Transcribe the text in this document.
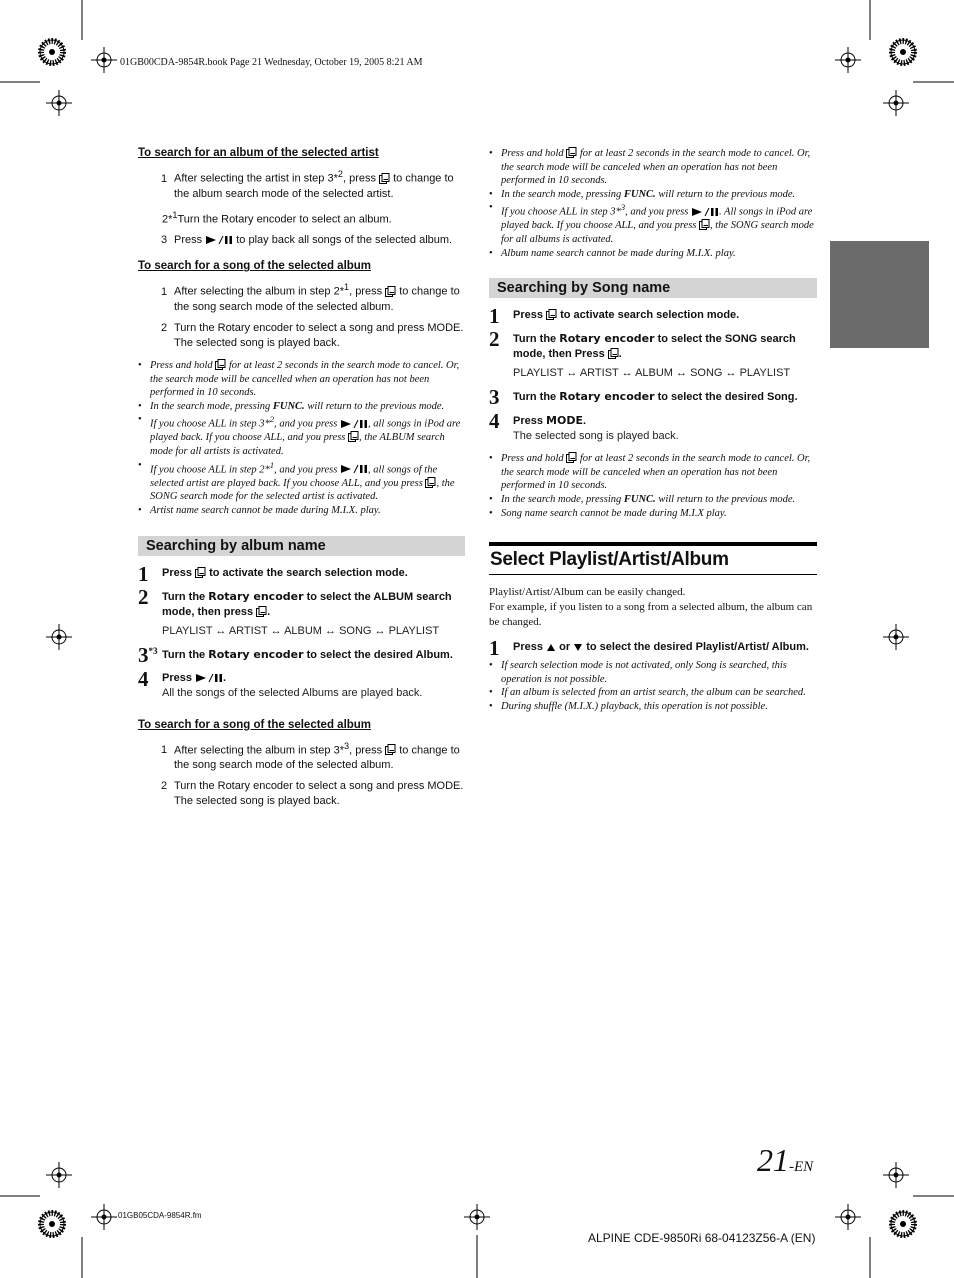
01GB00CDA-9854R.book Page 21 Wednesday, October 19, 2005 8:21 AM
To search for an album of the selected artist
1 After selecting the artist in step 3*$^2$, press to change to the album search mode of the selected artist.
2*$^1$Turn the Rotary encoder to select an album.
3 Press	to play back all songs of the selected album.
To search for a song of the selected album
1 After selecting the album in step 2*$^1$, press to change to the song search mode of the selected album.
2 Turn the Rotary encoder to select a song and press MODE.
The selected song is played back.
• Press and hold for at least 2 seconds in the search mode to cancel. Or, the search mode will be cancelled when an operation has not been performed in 10 seconds.
• In the search mode, pressing FUNC. will return to the previous mode.
• If you choose ALL in step 3*$^2$, and you press	, all songs in iPod are played back. If you choose ALL, and you press , the ALBUM search mode for all artists is activated.
• If you choose ALL in step 2*$^1$, and you press	, all songs of the selected artist are played back. If you choose ALL, and you press , the SONG search mode for the selected artist is activated.
• Artist name search cannot be made during M.I.X. play.
Searching by album name
1 Press to activate the search selection mode.
2 Turn the Rotary encoder to select the ALBUM search mode, then press .
PLAYLIST ↔ ARTIST ↔ ALBUM ↔ SONG ↔ PLAYLIST
3$^{*3}$ Turn the Rotary encoder to select the desired Album.
4 Press	.
All the songs of the selected Albums are played back.
To search for a song of the selected album
1 After selecting the album in step 3*$^3$, press to change to the song search mode of the selected album.
2 Turn the Rotary encoder to select a song and press MODE.
The selected song is played back.
• Press and hold for at least 2 seconds in the search mode to cancel. Or, the search mode will be canceled when an operation has not been performed in 10 seconds.
• In the search mode, pressing FUNC. will return to the previous mode.
• If you choose ALL in step 3*$^3$, and you press	. All songs in iPod are played back. If you choose ALL, and you press , the SONG search mode for all albums is activated.
• Album name search cannot be made during M.I.X. play.
Searching by Song name
1 Press to activate search selection mode.
2 Turn the Rotary encoder to select the SONG search mode, then Press .
PLAYLIST ↔ ARTIST ↔ ALBUM ↔ SONG ↔ PLAYLIST
3 Turn the Rotary encoder to select the desired Song.
4 Press MODE.
The selected song is played back.
• Press and hold for at least 2 seconds in the search mode to cancel. Or, the search mode will be canceled when an operation has not been performed in 10 seconds.
• In the search mode, pressing FUNC. will return to the previous mode.
• Song name search cannot be made during M.I.X play.
Select Playlist/Artist/Album
Playlist/Artist/Album can be easily changed.
For example, if you listen to a song from a selected album, the album can be changed.
1 Press or to select the desired Playlist/Artist/ Album.
• If search selection mode is not activated, only Song is searched, this operation is not possible.
• If an album is selected from an artist search, the album can be searched.
• During shuffle (M.I.X.) playback, this operation is not possible.
21-EN
01GB05CDA-9854R.fm
ALPINE CDE-9850Ri 68-04123Z56-A (EN)
